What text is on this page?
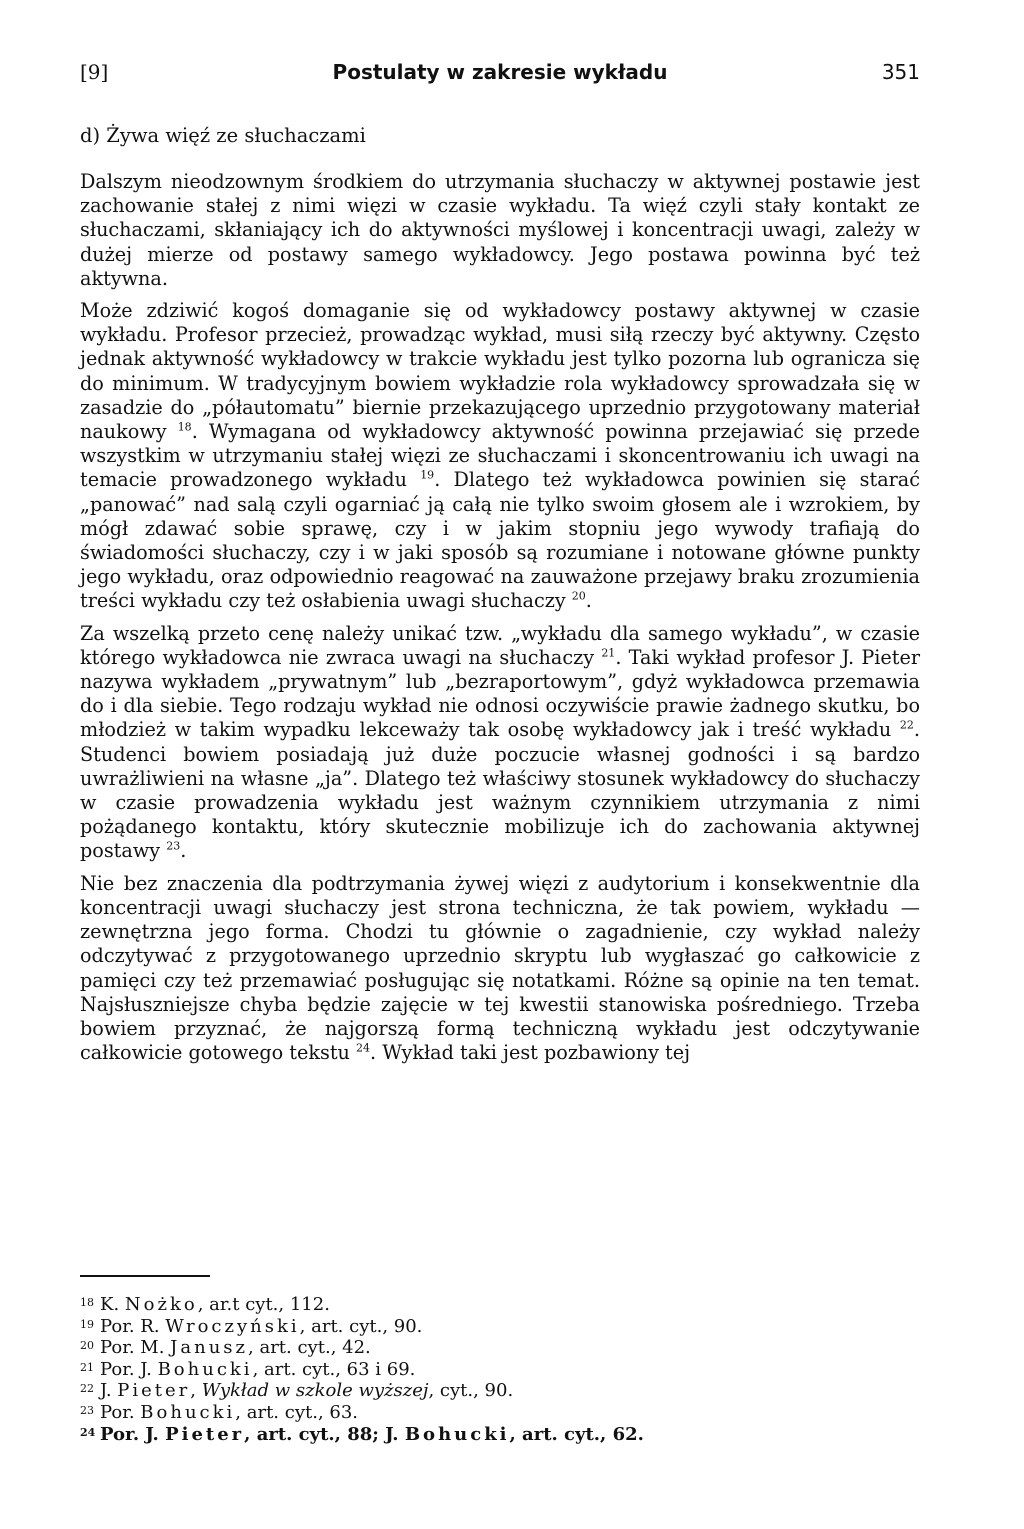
[9]	Postulaty w zakresie wykładu	351
d) Żywa więź ze słuchaczami

Dalszym nieodzownym środkiem do utrzymania słuchaczy w aktywnej postawie jest zachowanie stałej z nimi więzi w czasie wykładu. Ta więź czyli stały kontakt ze słuchaczami, skłaniający ich do aktywności myślowej i koncentracji uwagi, zależy w dużej mierze od postawy samego wykładowcy. Jego postawa powinna być też aktywna.

Może zdziwić kogoś domaganie się od wykładowcy postawy aktywnej w czasie wykładu. Profesor przecież, prowadząc wykład, musi siłą rzeczy być aktywny. Często jednak aktywność wykładowcy w trakcie wykładu jest tylko pozorna lub ogranicza się do minimum. W tradycyjnym bowiem wykładzie rola wykładowcy sprowadzała się w zasadzie do „półautomatu” biernie przekazującego uprzednio przygotowany materiał naukowy $^{18}$. Wymagana od wykładowcy aktywność powinna przejawiać się przede wszystkim w utrzymaniu stałej więzi ze słuchaczami i skoncentrowaniu ich uwagi na temacie prowadzonego wykładu $^{19}$. Dlatego też wykładowca powinien się starać „panować” nad salą czyli ogarniać ją całą nie tylko swoim głosem ale i wzrokiem, by mógł zdawać sobie sprawę, czy i w jakim stopniu jego wywody trafiają do świadomości słuchaczy, czy i w jaki sposób są rozumiane i notowane główne punkty jego wykładu, oraz odpowiednio reagować na zauważone przejawy braku zrozumienia treści wykładu czy też osłabienia uwagi słuchaczy $^{20}$.

Za wszelką przeto cenę należy unikać tzw. „wykładu dla samego wykładu”, w czasie którego wykładowca nie zwraca uwagi na słuchaczy $^{21}$. Taki wykład profesor J. Pieter nazywa wykładem „prywatnym” lub „bezraportowym”, gdyż wykładowca przemawia do i dla siebie. Tego rodzaju wykład nie odnosi oczywiście prawie żadnego skutku, bo młodzież w takim wypadku lekceważy tak osobę wykładowcy jak i treść wykładu $^{22}$. Studenci bowiem posiadają już duże poczucie własnej godności i są bardzo uwrażliwieni na własne „ja”. Dlatego też właściwy stosunek wykładowcy do słuchaczy w czasie prowadzenia wykładu jest ważnym czynnikiem utrzymania z nimi pożądanego kontaktu, który skutecznie mobilizuje ich do zachowania aktywnej postawy $^{23}$.

Nie bez znaczenia dla podtrzymania żywej więzi z audytorium i konsekwentnie dla koncentracji uwagi słuchaczy jest strona techniczna, że tak powiem, wykładu — zewnętrzna jego forma. Chodzi tu głównie o zagadnienie, czy wykład należy odczytywać z przygotowanego uprzednio skryptu lub wygłaszać go całkowicie z pamięci czy też przemawiać posługując się notatkami. Różne są opinie na ten temat. Najsłuszniejsze chyba będzie zajęcie w tej kwestii stanowiska pośredniego. Trzeba bowiem przyznać, że najgorszą formą techniczną wykładu jest odczytywanie całkowicie gotowego tekstu $^{24}$. Wykład taki jest pozbawiony tej

18 K. Nożko, ar.t cyt., 112.
19 Por. R. Wroczyński, art. cyt., 90.
20 Por. M. Janusz, art. cyt., 42.
21 Por. J. Bohucki, art. cyt., 63 i 69.
22 J. Pieter, Wykład w szkole wyższej, cyt., 90.
23 Por. Bohucki, art. cyt., 63.
24 Por. J. Pieter, art. cyt., 88; J. Bohucki, art. cyt., 62.
